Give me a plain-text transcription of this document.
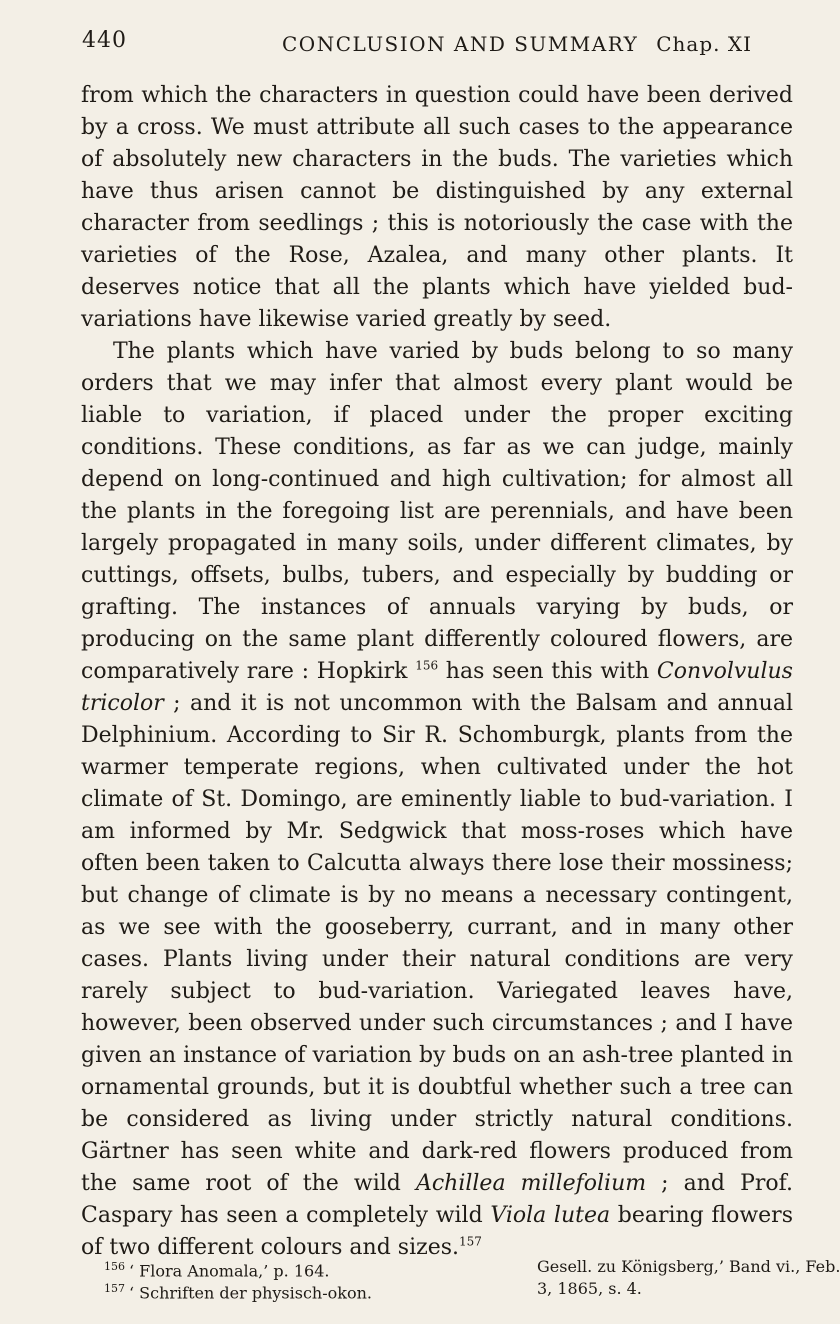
440	CONCLUSION AND SUMMARY Chap. XI

from which the characters in question could have been derived by a cross. We must attribute all such cases to the appearance of absolutely new characters in the buds. The varieties which have thus arisen cannot be distinguished by any external character from seedlings ; this is notoriously the case with the varieties of the Rose, Azalea, and many other plants. It deserves notice that all the plants which have yielded bud-variations have likewise varied greatly by seed.

The plants which have varied by buds belong to so many orders that we may infer that almost every plant would be liable to variation, if placed under the proper exciting conditions. These conditions, as far as we can judge, mainly depend on long-continued and high cultivation; for almost all the plants in the foregoing list are perennials, and have been largely propagated in many soils, under different climates, by cuttings, offsets, bulbs, tubers, and especially by budding or grafting. The instances of annuals varying by buds, or producing on the same plant differently coloured flowers, are comparatively rare : Hopkirk $^{156}$ has seen this with Convolvulus tricolor ; and it is not uncommon with the Balsam and annual Delphinium. According to Sir R. Schomburgk, plants from the warmer temperate regions, when cultivated under the hot climate of St. Domingo, are eminently liable to bud-variation. I am informed by Mr. Sedgwick that moss-roses which have often been taken to Calcutta always there lose their mossiness; but change of climate is by no means a necessary contingent, as we see with the gooseberry, currant, and in many other cases. Plants living under their natural conditions are very rarely subject to bud-variation. Variegated leaves have, however, been observed under such circumstances ; and I have given an instance of variation by buds on an ash-tree planted in ornamental grounds, but it is doubtful whether such a tree can be considered as living under strictly natural conditions. Gärtner has seen white and dark-red flowers produced from the same root of the wild Achillea millefolium ; and Prof. Caspary has seen a completely wild Viola lutea bearing flowers of two different colours and sizes.$^{157}$

$^{156}$ ‘ Flora Anomala,’ p. 164.	Gesell. zu Königsberg,’ Band vi., Feb.
$^{157}$ ‘ Schriften der physisch-okon.	3, 1865, s. 4.
